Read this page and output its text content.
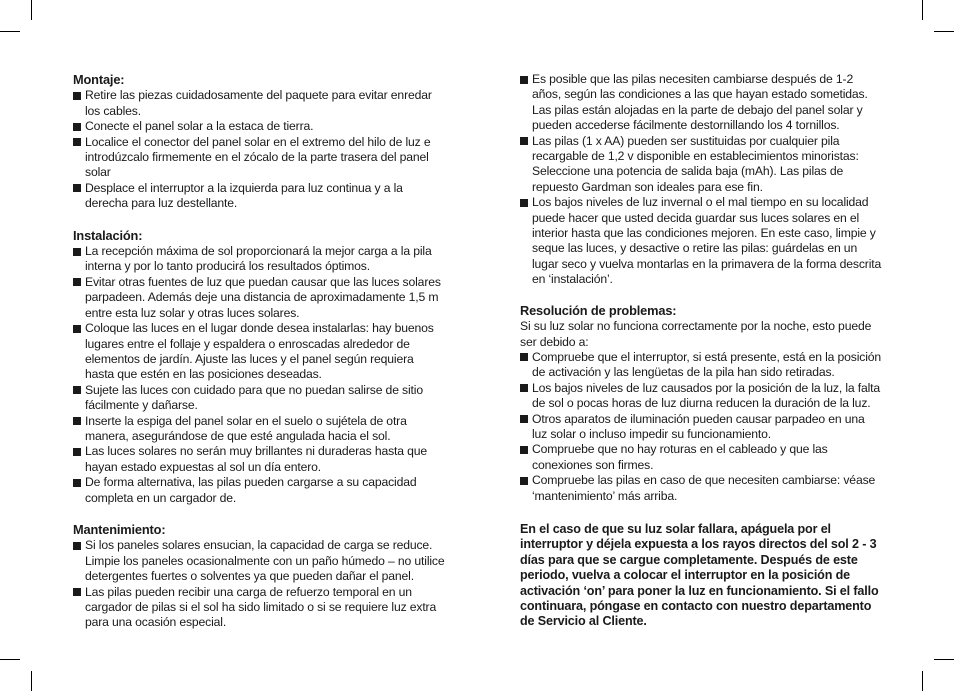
Montaje:
Retire las piezas cuidadosamente del paquete para evitar enredar los cables.
Conecte el panel solar a la estaca de tierra.
Localice el conector del panel solar en el extremo del hilo de luz e introdúzcalo firmemente en el zócalo de la parte trasera del panel solar
Desplace el interruptor a la izquierda para luz continua y a la derecha para luz destellante.
Instalación:
La recepción máxima de sol proporcionará la mejor carga a la pila interna y por lo tanto producirá los resultados óptimos.
Evitar otras fuentes de luz que puedan causar que las luces solares parpadeen. Además deje una distancia de aproximadamente 1,5 m entre esta luz solar y otras luces solares.
Coloque las luces en el lugar donde desea instalarlas: hay buenos lugares entre el follaje y espaldera o enroscadas alrededor de elementos de jardín. Ajuste las luces y el panel según requiera hasta que estén en las posiciones deseadas.
Sujete las luces con cuidado para que no puedan salirse de sitio fácilmente y dañarse.
Inserte la espiga del panel solar en el suelo o sujétela de otra manera, asegurándose de que esté angulada hacia el sol.
Las luces solares no serán muy brillantes ni duraderas hasta que hayan estado expuestas al sol un día entero.
De forma alternativa, las pilas pueden cargarse a su capacidad completa en un cargador de.
Mantenimiento:
Si los paneles solares ensucian, la capacidad de carga se reduce. Limpie los paneles ocasionalmente con un paño húmedo – no utilice detergentes fuertes o solventes ya que pueden dañar el panel.
Las pilas pueden recibir una carga de refuerzo temporal en un cargador de pilas si el sol ha sido limitado o si se requiere luz extra para una ocasión especial.
Es posible que las pilas necesiten cambiarse después de 1-2 años, según las condiciones a las que hayan estado sometidas. Las pilas están alojadas en la parte de debajo del panel solar y pueden accederse fácilmente destornillando los 4 tornillos.
Las pilas (1 x AA) pueden ser sustituidas por cualquier pila recargable de 1,2 v disponible en establecimientos minoristas: Seleccione una potencia de salida baja (mAh). Las pilas de repuesto Gardman son ideales para ese fin.
Los bajos niveles de luz invernal o el mal tiempo en su localidad puede hacer que usted decida guardar sus luces solares en el interior hasta que las condiciones mejoren. En este caso, limpie y seque las luces, y desactive o retire las pilas: guárdelas en un lugar seco y vuelva montarlas en la primavera de la forma descrita en ‘instalación’.
Resolución de problemas:

Si su luz solar no funciona correctamente por la noche, esto puede ser debido a:

Compruebe que el interruptor, si está presente, está en la posición de activación y las lengüetas de la pila han sido retiradas.
Los bajos niveles de luz causados por la posición de la luz, la falta de sol o pocas horas de luz diurna reducen la duración de la luz.
Otros aparatos de iluminación pueden causar parpadeo en una luz solar o incluso impedir su funcionamiento.
Compruebe que no hay roturas en el cableado y que las conexiones son firmes.
Compruebe las pilas en caso de que necesiten cambiarse: véase ‘mantenimiento’ más arriba.

En el caso de que su luz solar fallara, apáguela por el interruptor y déjela expuesta a los rayos directos del sol 2 - 3 días para que se cargue completamente. Después de este periodo, vuelva a colocar el interruptor en la posición de activación ‘on’ para poner la luz en funcionamiento. Si el fallo continuara, póngase en contacto con nuestro departamento de Servicio al Cliente.
